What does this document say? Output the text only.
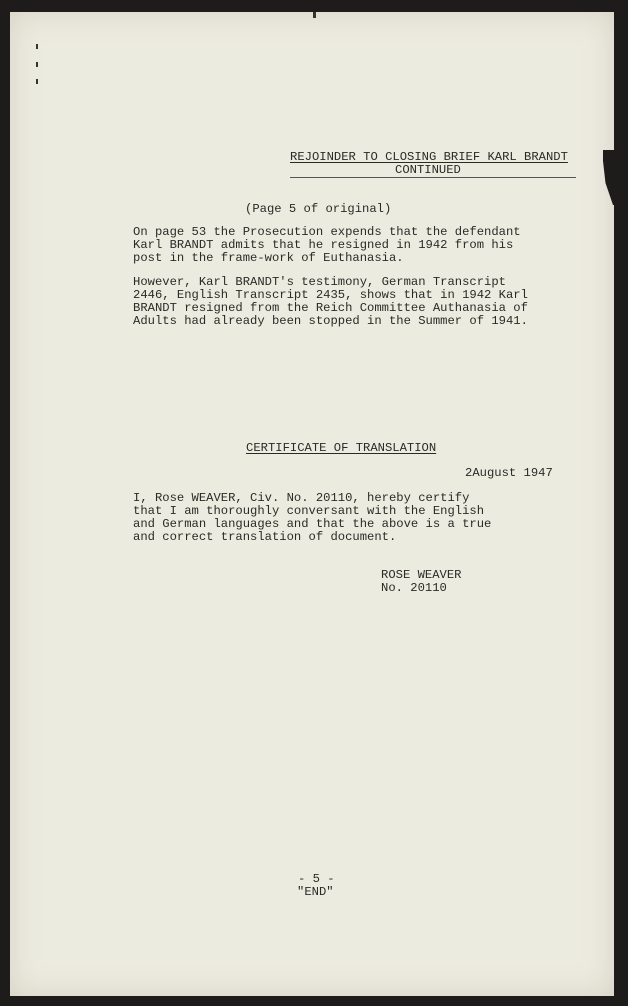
REJOINDER TO CLOSING BRIEF KARL BRANDT
CONTINUED
(Page 5 of original)
On page 53 the Prosecution expends that the defendant
Karl BRANDT admits that he resigned in 1942 from his
post in the frame-work of Euthanasia.
However, Karl BRANDT's testimony, German Transcript
2446, English Transcript 2435, shows that in 1942 Karl
BRANDT resigned from the Reich Committee Authanasia of
Adults had already been stopped in the Summer of 1941.
CERTIFICATE OF TRANSLATION
2August 1947
I, Rose WEAVER, Civ. No. 20110, hereby certify
that I am thoroughly conversant with the English
and German languages and that the above is a true
and correct translation of document.
ROSE WEAVER
No. 20110
- 5 -
"END"
